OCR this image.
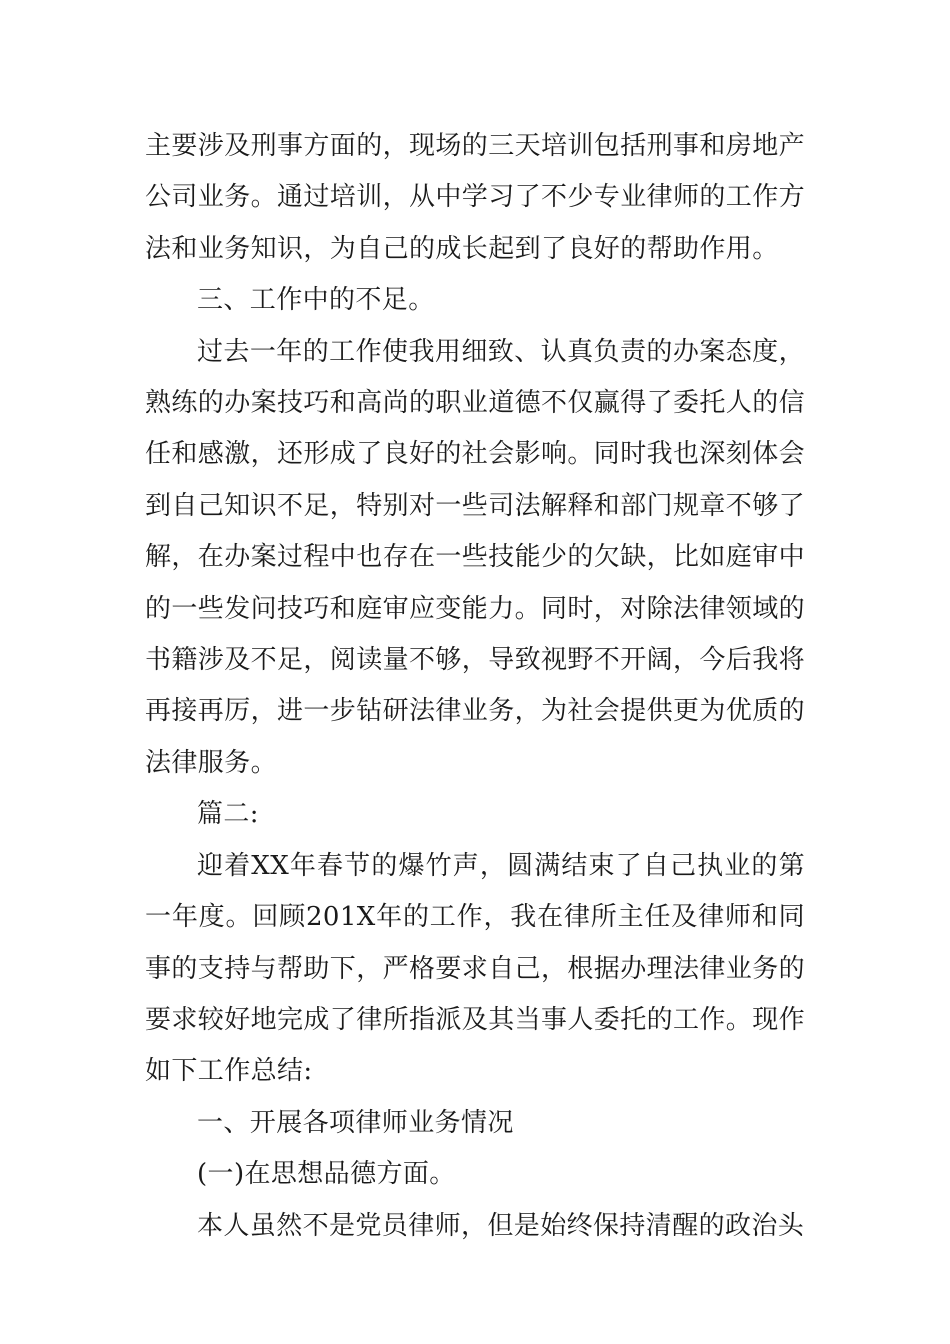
主要涉及刑事方面的，现场的三天培训包括刑事和房地产公司业务。通过培训，从中学习了不少专业律师的工作方法和业务知识，为自己的成长起到了良好的帮助作用。

三、工作中的不足。

过去一年的工作使我用细致、认真负责的办案态度，熟练的办案技巧和高尚的职业道德不仅赢得了委托人的信任和感激，还形成了良好的社会影响。同时我也深刻体会到自己知识不足，特别对一些司法解释和部门规章不够了解，在办案过程中也存在一些技能少的欠缺，比如庭审中的一些发问技巧和庭审应变能力。同时，对除法律领域的书籍涉及不足，阅读量不够，导致视野不开阔，今后我将再接再厉，进一步钻研法律业务，为社会提供更为优质的法律服务。

篇二:

迎着XX年春节的爆竹声，圆满结束了自己执业的第一年度。回顾201X年的工作，我在律所主任及律师和同事的支持与帮助下，严格要求自己，根据办理法律业务的要求较好地完成了律所指派及其当事人委托的工作。现作如下工作总结:

一、开展各项律师业务情况

(一)在思想品德方面。

本人虽然不是党员律师，但是始终保持清醒的政治头
